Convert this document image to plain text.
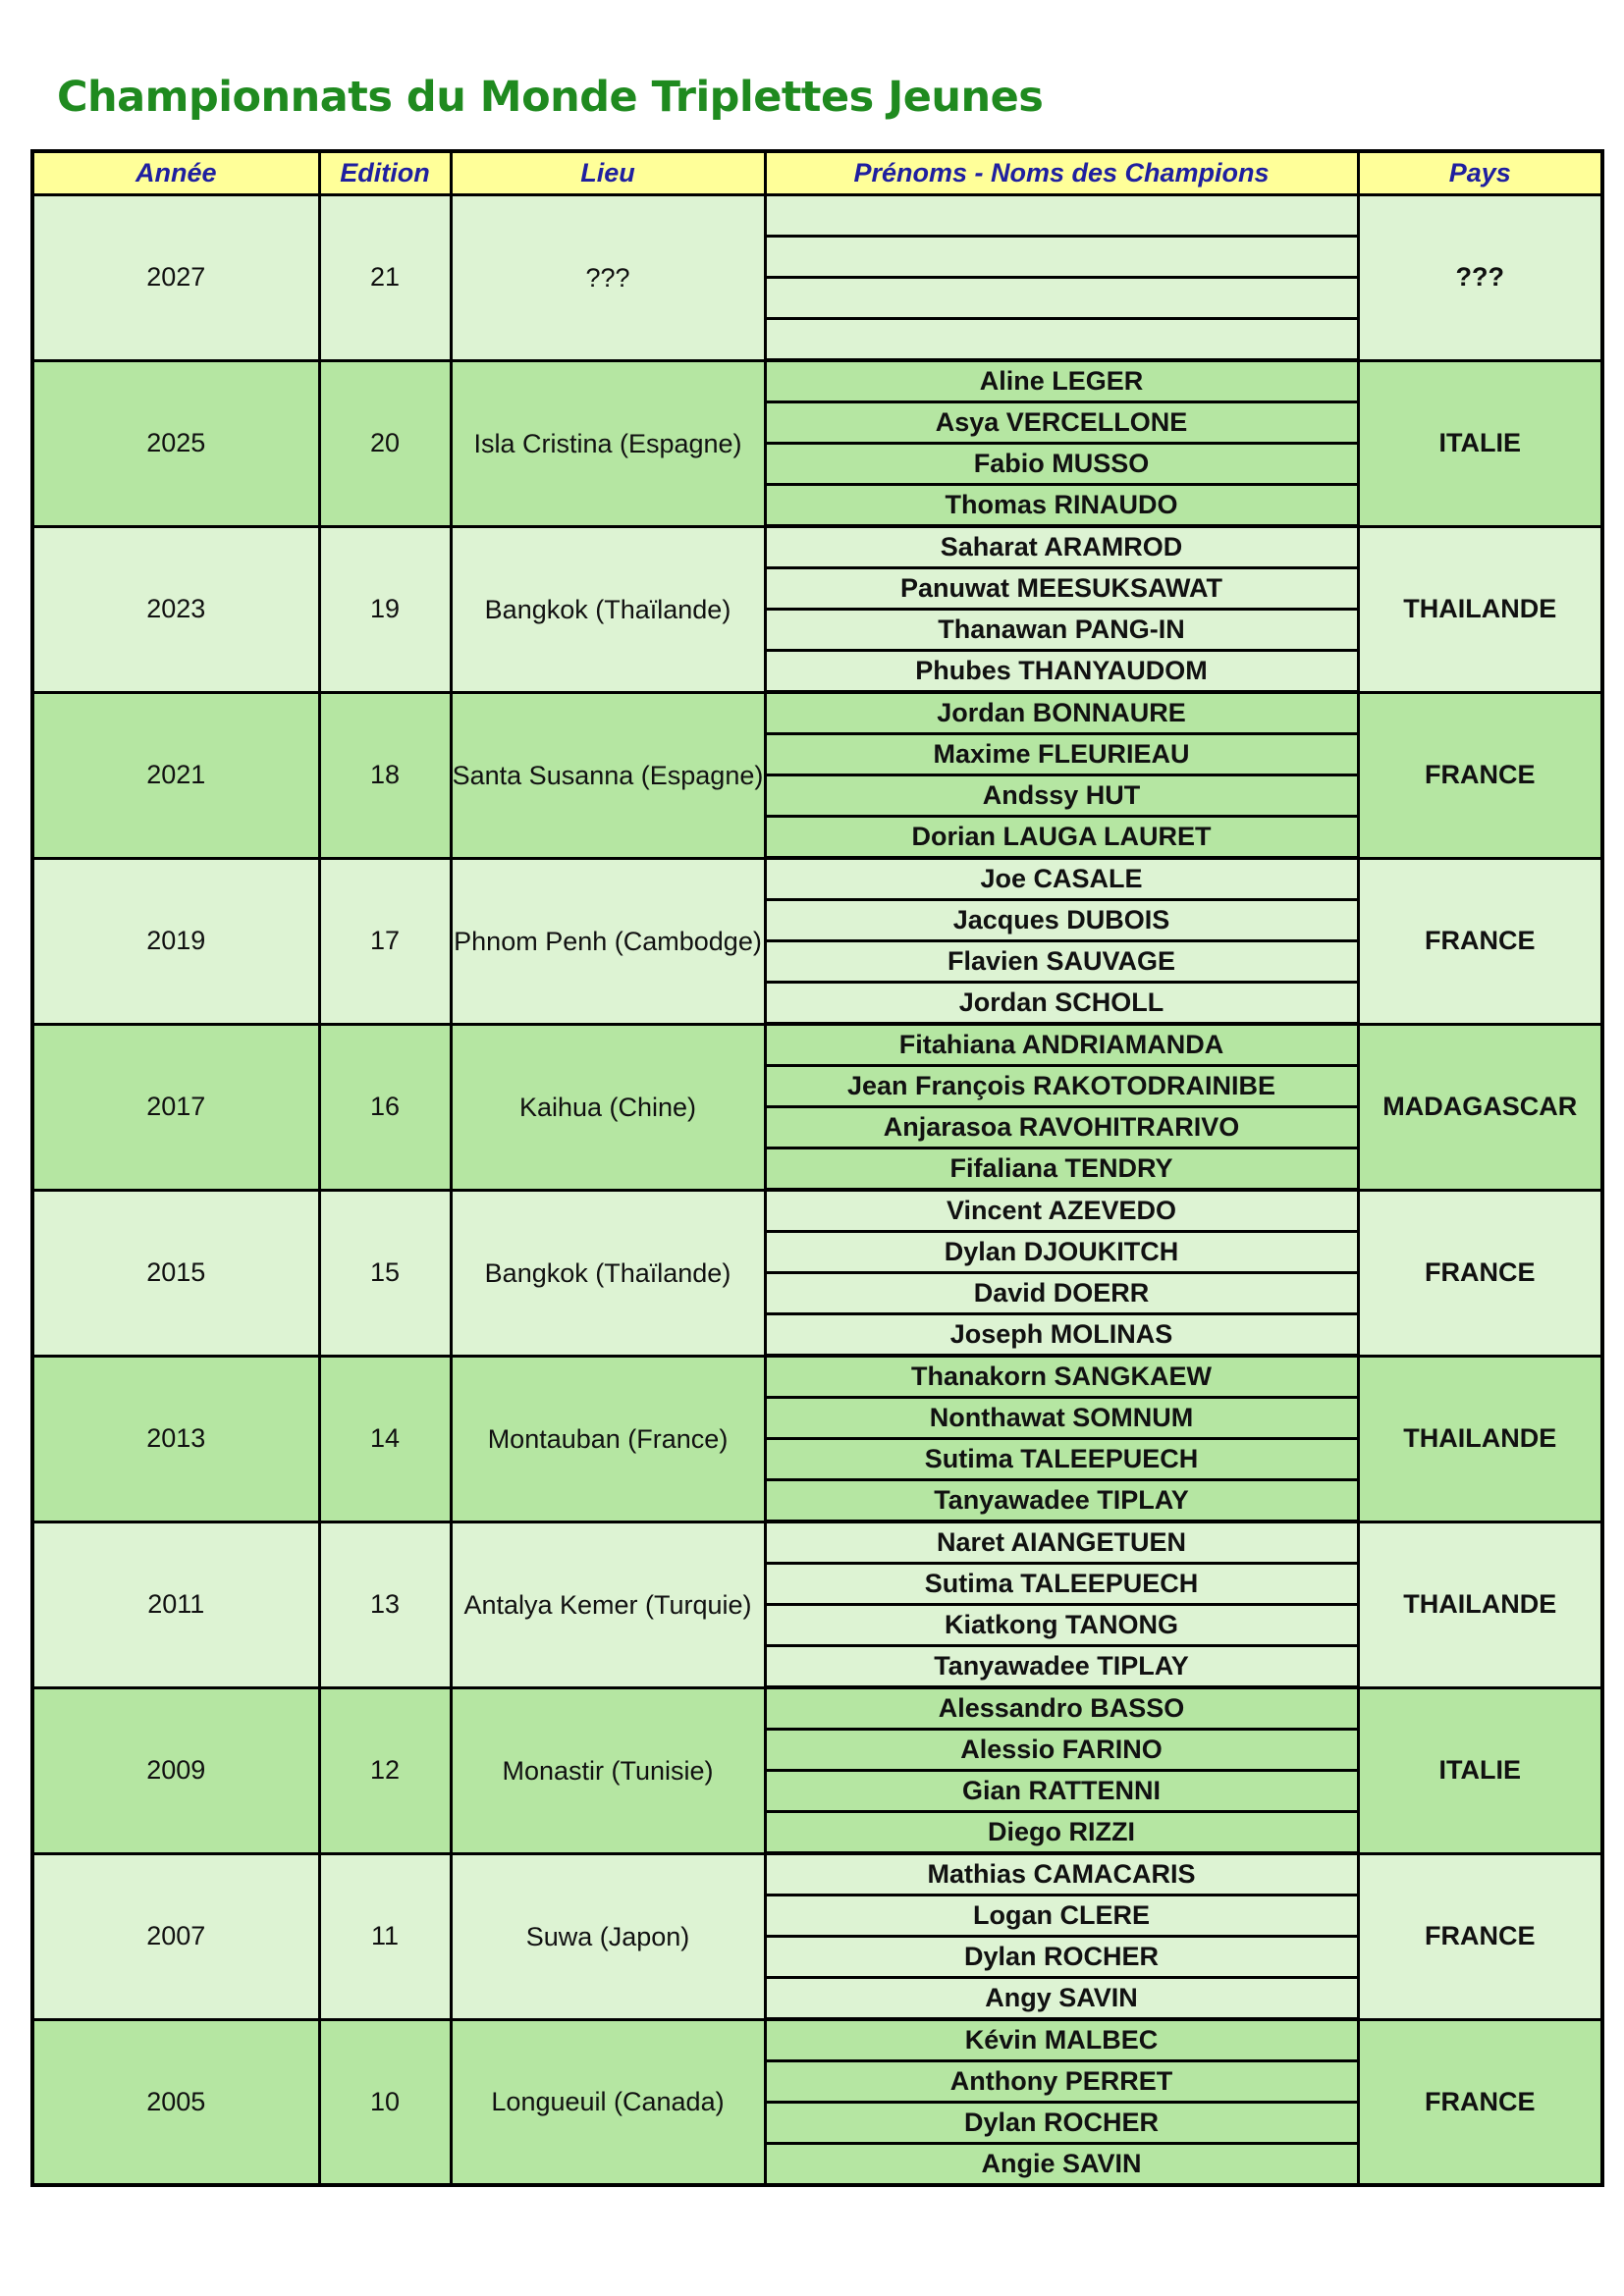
Championnats du Monde Triplettes Jeunes
Année	Edition	Lieu	Prénoms - Noms des Champions	Pays
2027	21	???		???

2025	20	Isla Cristina (Espagne)	Aline LEGER	ITALIE
			Asya VERCELLONE	
			Fabio MUSSO	
			Thomas RINAUDO	
2023	19	Bangkok (Thaïlande)	Saharat ARAMROD	THAILANDE
			Panuwat MEESUKSAWAT	
			Thanawan PANG-IN	
			Phubes THANYAUDOM	
2021	18	Santa Susanna (Espagne)	Jordan BONNAURE	FRANCE
			Maxime FLEURIEAU	
			Andssy HUT	
			Dorian LAUGA LAURET	
2019	17	Phnom Penh (Cambodge)	Joe CASALE	FRANCE
			Jacques DUBOIS	
			Flavien SAUVAGE	
			Jordan SCHOLL	
2017	16	Kaihua (Chine)	Fitahiana ANDRIAMANDA	MADAGASCAR
			Jean François RAKOTODRAINIBE	
			Anjarasoa RAVOHITRARIVO	
			Fifaliana TENDRY	
2015	15	Bangkok (Thaïlande)	Vincent AZEVEDO	FRANCE
			Dylan DJOUKITCH	
			David DOERR	
			Joseph MOLINAS	
2013	14	Montauban (France)	Thanakorn SANGKAEW	THAILANDE
			Nonthawat SOMNUM	
			Sutima TALEEPUECH	
			Tanyawadee TIPLAY	
2011	13	Antalya Kemer (Turquie)	Naret AIANGETUEN	THAILANDE
			Sutima TALEEPUECH	
			Kiatkong TANONG	
			Tanyawadee TIPLAY	
2009	12	Monastir (Tunisie)	Alessandro BASSO	ITALIE
			Alessio FARINO	
			Gian RATTENNI	
			Diego RIZZI	
2007	11	Suwa (Japon)	Mathias CAMACARIS	FRANCE
			Logan CLERE	
			Dylan ROCHER	
			Angy SAVIN	
2005	10	Longueuil (Canada)	Kévin MALBEC	FRANCE
			Anthony PERRET	
			Dylan ROCHER	
			Angie SAVIN	
